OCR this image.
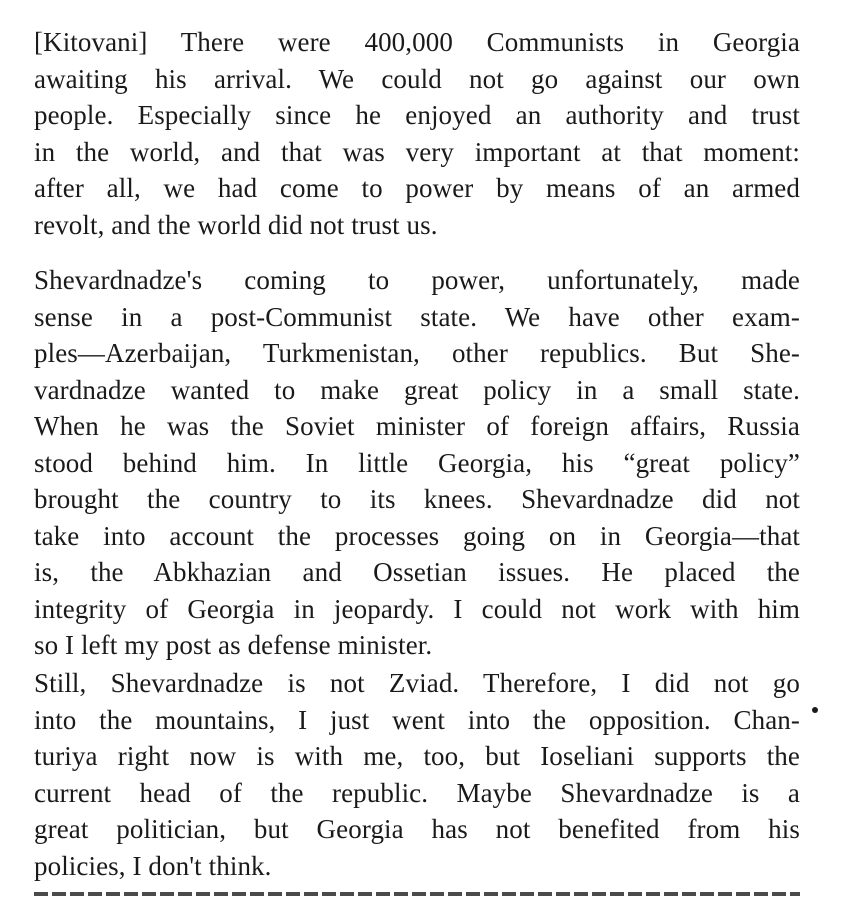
[Kitovani] There were 400,000 Communists in Georgia
awaiting his arrival. We could not go against our own
people. Especially since he enjoyed an authority and trust
in the world, and that was very important at that moment:
after all, we had come to power by means of an armed
revolt, and the world did not trust us.
Shevardnadze's coming to power, unfortunately, made
sense in a post-Communist state. We have other exam-
ples—Azerbaijan, Turkmenistan, other republics. But She-
vardnadze wanted to make great policy in a small state.
When he was the Soviet minister of foreign affairs, Russia
stood behind him. In little Georgia, his “great policy”
brought the country to its knees. Shevardnadze did not
take into account the processes going on in Georgia—that
is, the Abkhazian and Ossetian issues. He placed the
integrity of Georgia in jeopardy. I could not work with him
so I left my post as defense minister.
Still, Shevardnadze is not Zviad. Therefore, I did not go
into the mountains, I just went into the opposition. Chan-
turiya right now is with me, too, but Ioseliani supports the
current head of the republic. Maybe Shevardnadze is a
great politician, but Georgia has not benefited from his
policies, I don't think.
